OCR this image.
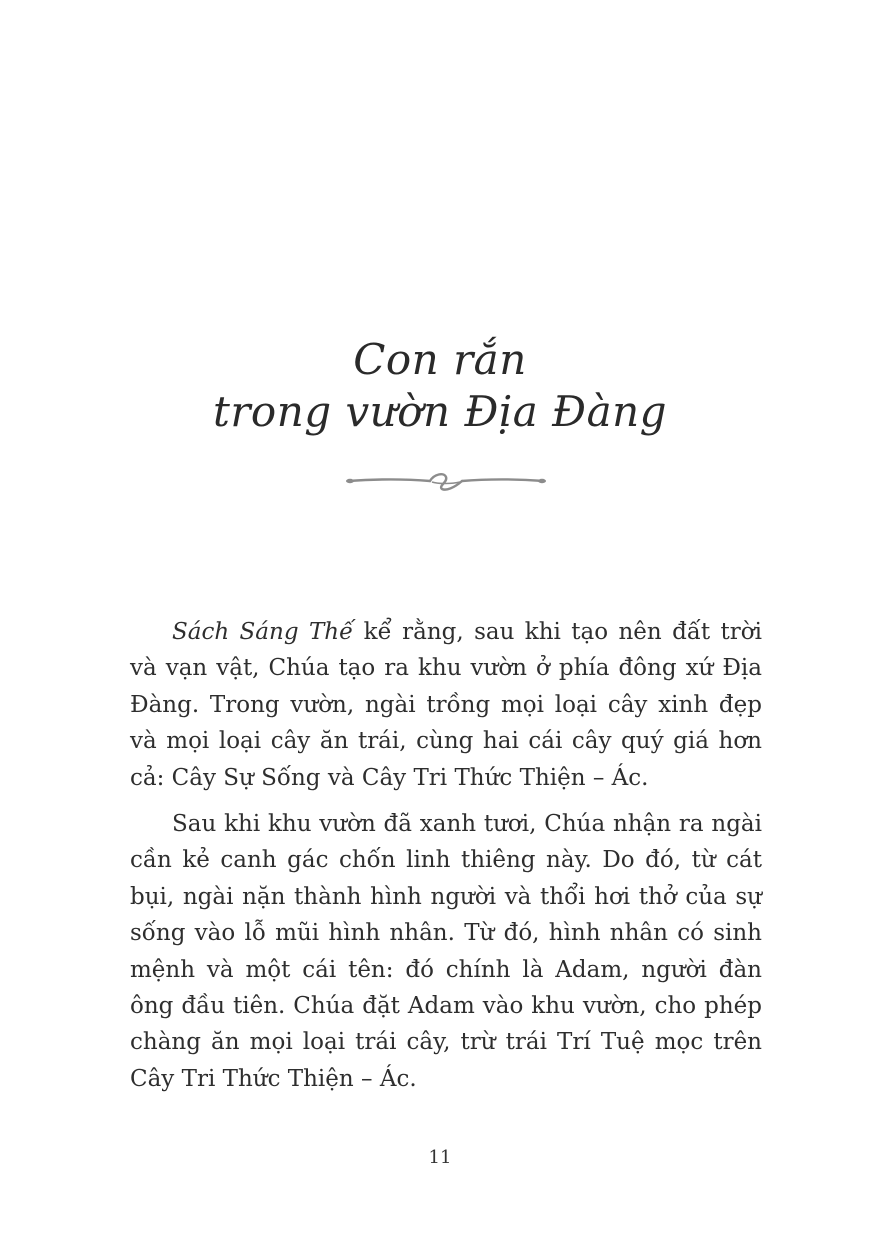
Con rắn
trong vườn Địa Đàng

Sách Sáng Thế kể rằng, sau khi tạo nên đất trời và vạn vật, Chúa tạo ra khu vườn ở phía đông xứ Địa Đàng. Trong vườn, ngài trồng mọi loại cây xinh đẹp và mọi loại cây ăn trái, cùng hai cái cây quý giá hơn cả: Cây Sự Sống và Cây Tri Thức Thiện – Ác.

Sau khi khu vườn đã xanh tươi, Chúa nhận ra ngài cần kẻ canh gác chốn linh thiêng này. Do đó, từ cát bụi, ngài nặn thành hình người và thổi hơi thở của sự sống vào lỗ mũi hình nhân. Từ đó, hình nhân có sinh mệnh và một cái tên: đó chính là Adam, người đàn ông đầu tiên. Chúa đặt Adam vào khu vườn, cho phép chàng ăn mọi loại trái cây, trừ trái Trí Tuệ mọc trên Cây Tri Thức Thiện – Ác.

11
